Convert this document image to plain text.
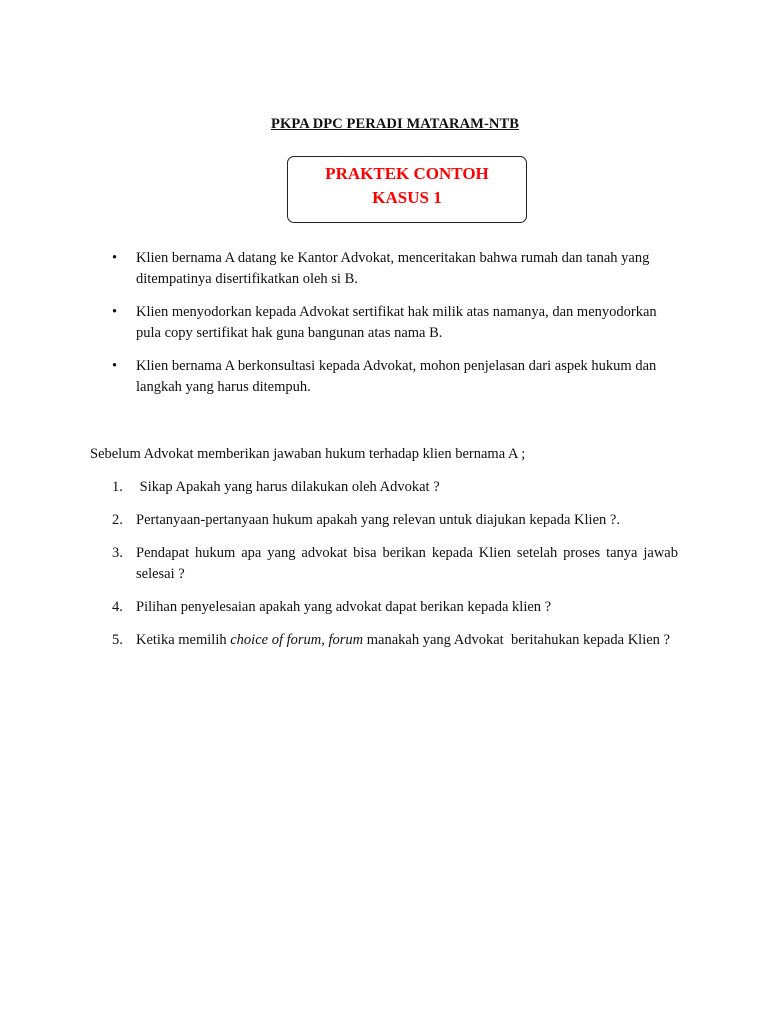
PKPA DPC PERADI MATARAM-NTB
PRAKTEK CONTOH
KASUS 1
• Klien bernama A datang ke Kantor Advokat, menceritakan bahwa rumah dan tanah yang ditempatinya disertifikatkan oleh si B.
• Klien menyodorkan kepada Advokat sertifikat hak milik atas namanya, dan menyodorkan pula copy sertifikat hak guna bangunan atas nama B.
• Klien bernama A berkonsultasi kepada Advokat, mohon penjelasan dari aspek hukum dan langkah yang harus ditempuh.
Sebelum Advokat memberikan jawaban hukum terhadap klien bernama A ;
1. Sikap Apakah yang harus dilakukan oleh Advokat ?
2. Pertanyaan-pertanyaan hukum apakah yang relevan untuk diajukan kepada Klien ?.
3. Pendapat hukum apa yang advokat bisa berikan kepada Klien setelah proses tanya jawab selesai ?
4. Pilihan penyelesaian apakah yang advokat dapat berikan kepada klien ?
5. Ketika memilih choice of forum, forum manakah yang Advokat  beritahukan kepada Klien ?
